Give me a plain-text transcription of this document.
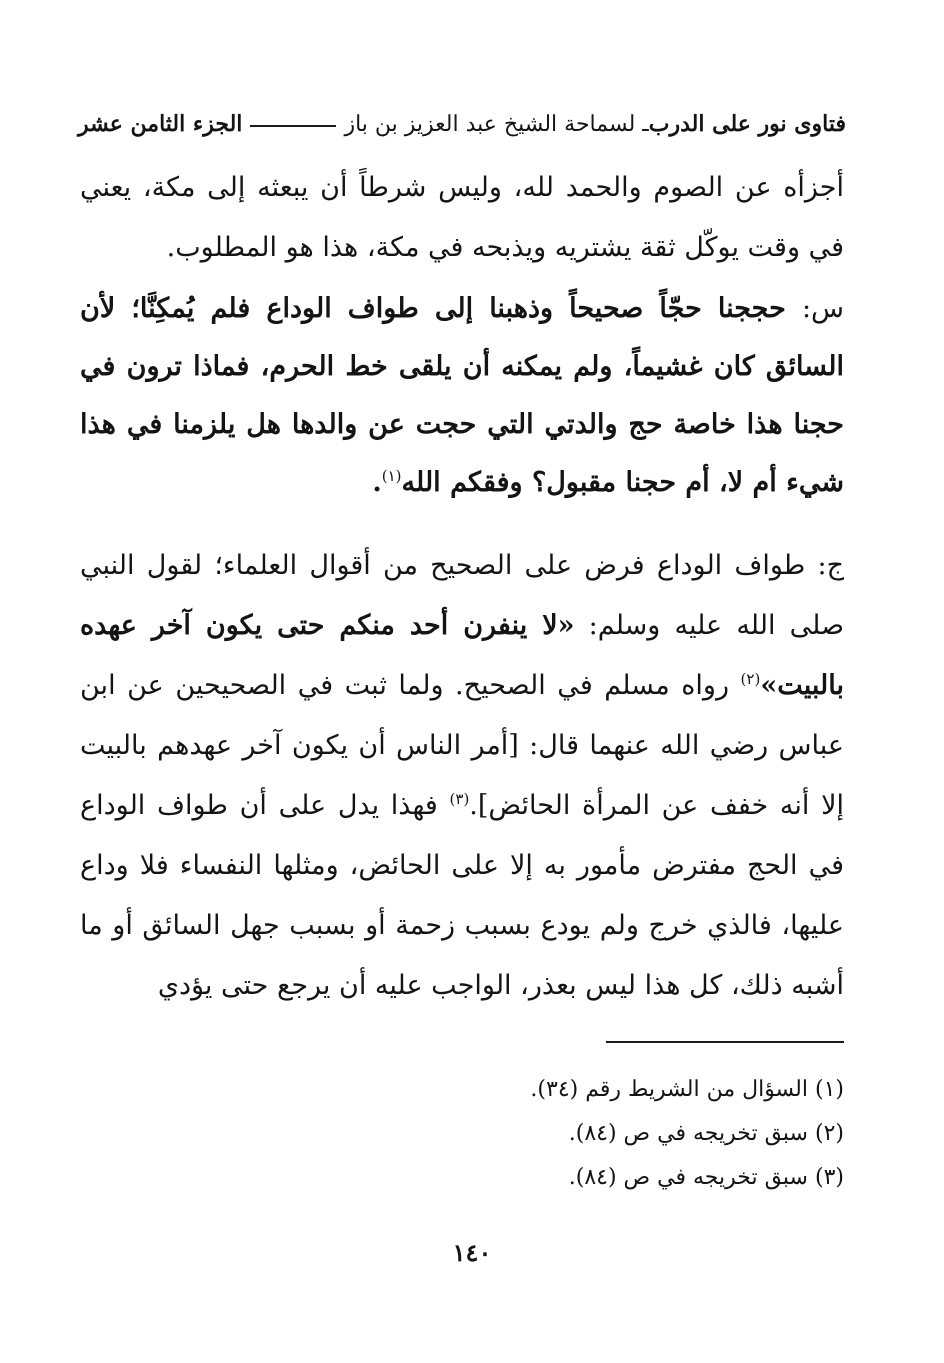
فتاوى نور على الدرب
ـ لسماحة الشيخ عبد العزيز بن باز
الجزء الثامن عشر
أجزأه عن الصوم والحمد لله، وليس شرطاً أن يبعثه إلى مكة، يعني في وقت يوكّل ثقة يشتريه ويذبحه في مكة، هذا هو المطلوب.
س: حججنا حجّاً صحيحاً وذهبنا إلى طواف الوداع فلم يُمكِنَّا؛ لأن السائق كان غشيماً، ولم يمكنه أن يلقى خط الحرم، فماذا ترون في حجنا هذا خاصة حج والدتي التي حجت عن والدها هل يلزمنا في هذا شيء أم لا، أم حجنا مقبول؟ وفقكم الله$^{(١)}$.
ج: طواف الوداع فرض على الصحيح من أقوال العلماء؛ لقول النبي صلى الله عليه وسلم: «لا ينفرن أحد منكم حتى يكون آخر عهده بالبيت»$^{(٢)}$ رواه مسلم في الصحيح. ولما ثبت في الصحيحين عن ابن عباس رضي الله عنهما قال: [أمر الناس أن يكون آخر عهدهم بالبيت إلا أنه خفف عن المرأة الحائض].$^{(٣)}$ فهذا يدل على أن طواف الوداع في الحج مفترض مأمور به إلا على الحائض، ومثلها النفساء فلا وداع عليها، فالذي خرج ولم يودع بسبب زحمة أو بسبب جهل السائق أو ما أشبه ذلك، كل هذا ليس بعذر، الواجب عليه أن يرجع حتى يؤدي
(١) السؤال من الشريط رقم (٣٤).
(٢) سبق تخريجه في ص (٨٤).
(٣) سبق تخريجه في ص (٨٤).
١٤٠
